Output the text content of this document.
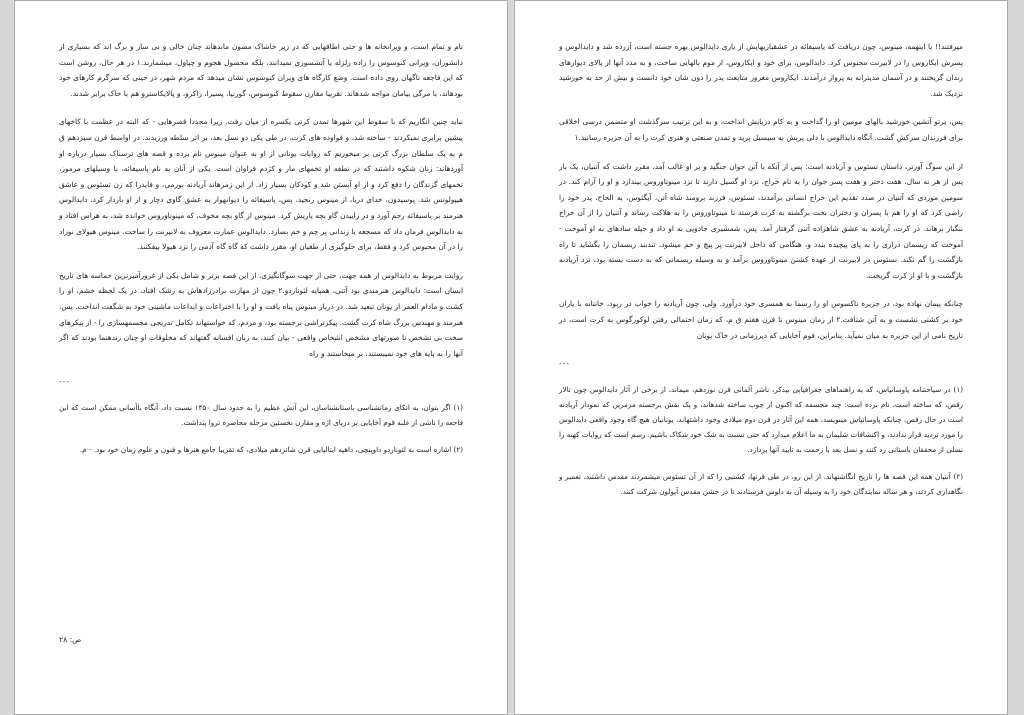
تام و تمام است، و ویرانخانه ها و حتی اطاقهایی که در زیر خاشاک مصون ماندهاند چنان خالی و بی ساز و برگ اند که بسیاری از دانشوران، ویرانی کنوسوس را زاده زلزله یا آتشسوزی نمیدانند، بلکه محصول هجوم و چپاول، میشمارند.۱ در هر حال، روشن است که این فاجعه ناگهان روی داده است. وضع کارگاه های ویران کنوسوس نشان میدهد که مردم شهر، در حینی که سرگرم کارهای خود بودهاند، با مرگی بیامان مواجه شدهاند. تقریبا مقارن سقوط کنوسوس، گورنیا، پسیرا، زاکرو، و پالایکاسترو هم با خاک برابر شدند.

نباید چنین انگاریم که با سقوط این شهرها تمدن کرتی یکسره از میان رفت. زیرا مجددا قصرهایی - که البته در عظمت با کاخهای پیشین برابری نمیکردند - ساخته شد، و فواوده های کرت، در طی یکی دو نسل بعد، بر اثر سلطه ورزیدند. در اواسط قرن سیزدهم ق م به یک سلطان بزرگ کرتی بر میخوریم که روایات یونانی از او به عنوان مینوس نام برده و قصه های ترسناک بسیار درباره او آوردهاند: زنان شکوه داشتند که در نطفه او تخمهای مار و کژدم فراوان است. یکی از آنان به نام پاسیفائه، با وسیلهای مرموز، تخمهای گزندگان را دفع کرد و از او آبستن شد و کودکان بسیار زاد. از این زمرهاند آریادنه بورمی، و فایدرا که زن تسئوس و عاشق هیپولوتس شد. پوسیدون، خدای دریا، از مینوس رنجید. پس، پاسیفائه را دیوانهوار به عشق گاوی دچار و از او باردار کرد. دایدالوس هنرمند بر پاسیفائه رحم آورد و در زاییدن گاو بچه یاریش کرد. مینوس از گاو بچه مخوف، که مینوتاوروس خوانده شد، به هراس افتاد و به دایدالوس فرمان داد که مسجعه یا زندانی پر چم و خم بسازد. دایدالوس عمارت معروف به لابیرنت را ساخت. مینوس هیولای نوزاد را در آن محبوس کرد و فقط، برای جلوگیری از طغیان او، مقرر داشت که گاه گاه آدمی را نزد هیولا بیفکنند.

روایت مربوط به دایدالوس از همه جهت، حتی از جهت سوگانگیزی، از این قصه برتر و شامل یکی از غرورآمیزترین حماسه های تاریخ انسان است: دایدالوس هنرمندی بود آتنی، همپایه لئوناردو.۲ چون از مهارت برادرزادهاش به رشک افتاد، در یک لحظه خشم، او را کشت و مادام العمر از یونان تبعید شد. در دربار مینوس پناه یافت و او را با اختراعات و ابداعات ماشینی خود به شگفت انداخت. پس، هنرمند و مهندس بزرگ شاه کرت گشت. پیکرتراشی برجسته بود، و مردم، که خواستهاند تکامل تدریجی مجسمهسازی را - از پیکرهای سخت بی تشخص تا صورتهای مشخص اشخاص واقعی - بیان کنند، به زبان افسانه گفتهاند که مخلوقات او چنان زندهنما بودند که اگر آنها را به پایه های خود نمیبستند، بر میخاستند و راه

---

(۱) اگر بتوان، به اتکای زمانشناسی باستانشناسان، این آتش عظیم را به حدود سال ۱۴۵۰ نسبت داد، آنگاه باآسانی ممکن است که این فاجعه را ناشی از غلبه قوم آخایایی بر دریای اژه و مقارن نخستین مرحله محاصره تروا پنداشت.

(۲) اشاره است به لئوناردو داوینچی، داهیه ایتالیایی قرن شانزدهم میلادی، که تقریبا جامع هنرها و فنون و علوم زمان خود بود. - م.

ص: ۲۸

میرفتند!! با اینهمه، مینوس، چون دریافت که پاسیفائه در عشقبازیهایش از یاری دایدالوس بهره جسته است، آزرده شد و دایدالوس و پسرش ایکاروس را در لابیرنت محبوس کرد. دایدالوس، برای خود و ایکاروس، از موم بالهایی ساخت، و به مدد آنها از بالای دیوارهای زندان گریختند و در آسمان مدیترانه به پرواز درآمدند. ایکاروس مغرور متابعت پدر را دون شان خود دانست و بیش از حد به خورشید نزدیک شد.

پس، پرتو آتشین خورشید بالهای مومین او را گداخت و به کام دریایش انداخت، و به این ترتیب سرگذشت او متضمن درسی اخلاقی برای فرزندان سرکش گشت. آنگاه دایدالوس با دلی پریش به سیسیل پرید و تمدن صنعتی و هنری کرت را به آن جزیره رسانید.۱

از این سوگ آورتر، داستان تسئوس و آریادنه است: پس از آنکه با آتن جوان جنگید و بر او غالب آمد، مقرر داشت که آتنیان، یک بار پس از هر نه سال، هفت دختر و هفت پسر جوان را به نام خراج، نزد او گسیل دارند تا نزد مینوتاوروس بیندازد و او را آرام کند. در سومین موردی که آتنیان در صدد تقدیم این خراج انسانی برآمدند، تسئوس، فرزند برومند شاه آتن، آیگئوس، به الحاح، پدر خود را راضی کرد که او را هم با پسران و دختران بخت برگشته به کرت فرستد تا مینوتاوروس را به هلاکت رساند و آتنیان را از آن خراج ننگبار برهاند. در کرت، آریادنه به عشق شاهزاده آتنی گرفتار آمد. پس، شمشیری جادویی به او داد و حیله سادهای به او آموخت - آموخت که ریسمان درازی را به پای پیچیده بندد و، هنگامی که داخل لابیرنت پر پیچ و خم میشود، تندبند ریسمان را بگشاید تا راه بازگشت را گم نکند. تسئوس در لابیرنت از عهده کشتن مینوتاوروس برآمد و به وسیله ریسمانی که به دست بسته بود، نزد آریادنه بازگشت و با او از کرت گریخت.

چنانکه پیمان نهاده بود، در جزیره ناکسوس او را رسما به همسری خود درآورد. ولی، چون آریادنه را خواب در ربود، خانتانه با یاران خود بر کشتی نشست و به آتن شتافت.۲ از زمان مینوس تا قرن هفتم ق م، که زمان احتمالی رفتن لوکورگوس به کرت است، در تاریخ نامی از این جزیره به میان نمیآید. بنابراین، قوم آخایایی که دیرزمانی در خاک یونان

---

(۱) در سیاحتنامه پاوسانیاس، که به راهنماهای جغرافیایی بیدکر، ناشر آلمانی قرن نوزدهم، میماند، از برخی از آثار دایدالوس چون تالار رقص، که ساخته است، نام برده است: چند مجسمه که اکنون از چوب ساخته شدهاند، و یک نقش برجسته مرمرین که نمودار آریادنه است در حال رقص. چنانکه پاوسانیاس مینویسد، همه این آثار در قرن دوم میلادی وجود داشتهاند. یونانیان هیچ گاه وجود واقعی دایدالوس را مورد تردید قرار ندادند، و اکتشافات شلیمان به ما اعلام میدارد که حتی نسبت به شک خود شکاک باشیم. رسم است که روایات کهنه را نسلی از محققان باستانی رد کنند و نسل بعد با زحمت به تایید آنها پردازد.

(۲) آتنیان همه این قصه ها را تاریخ انگاشتهاند. از این رو، در طی قرنها، کشتیی را که از آن تسئوس میشمردند مقدس داشتند، تعمیر و نگاهداری کردند، و هر ساله نمایندگان خود را به وسیله آن به دلوس فرستادند تا در جشن مقدس آپولون شرکت کنند.
